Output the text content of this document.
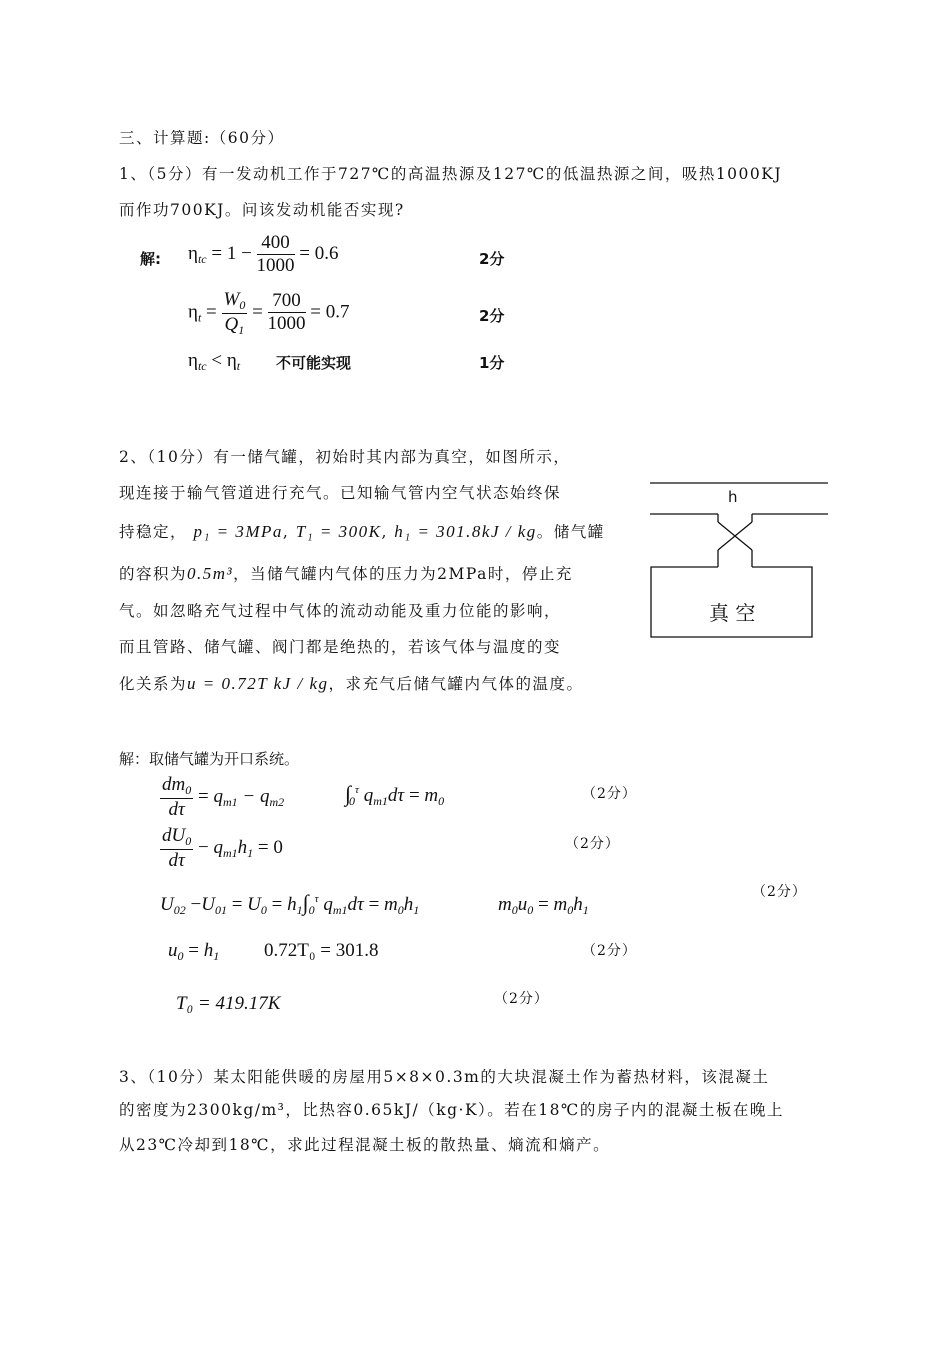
三、计算题:（60分）
1、（5分）有一发动机工作于727℃的高温热源及127℃的低温热源之间，吸热1000KJ
而作功700KJ。问该发动机能否实现?
解: $\eta_{tc} = 1 - \frac{400}{1000} = 0.6$	2分
$\eta_t = \frac{W_0}{Q_1} = \frac{700}{1000} = 0.7$	2分
$\eta_{tc} < \eta_t$ 不可能实现	1分
2、（10分）有一储气罐，初始时其内部为真空，如图所示，
现连接于输气管道进行充气。已知输气管内空气状态始终保
持稳定， p₁ = 3MPa, T₁ = 300K, h₁ = 301.8kJ / kg。储气罐
的容积为0.5m³，当储气罐内气体的压力为2MPa时，停止充
气。如忽略充气过程中气体的流动动能及重力位能的影响，
而且管路、储气罐、阀门都是绝热的，若该气体与温度的变
化关系为u = 0.72T kJ / kg，求充气后储气罐内气体的温度。
h
真 空
解：取储气罐为开口系统。
$\frac{dm_0}{d\tau} = q_{m1} - q_{m2}$	$\int_0^\tau$ $q_{m1}d\tau = m_0$	（2分）
$\frac{dU_0}{d\tau} - q_{m1}h_1 = 0$	（2分）
$U_{02} -U_{01} = U_0 = h_1\int_0^\tau$ $q_{m1}d\tau = m_0h_1$	$m_0u_0 = m_0h_1$
（2分）
$u_0 = h_1$ 0.72T₀ = 301.8	（2分）
T₀ = 419.17K	（2分）
3、（10分）某太阳能供暖的房屋用5×8×0.3m的大块混凝土作为蓄热材料，该混凝土
的密度为2300kg/m³，比热容0.65kJ/（kg·K）。若在18℃的房子内的混凝土板在晚上
从23℃冷却到18℃，求此过程混凝土板的散热量、熵流和熵产。
